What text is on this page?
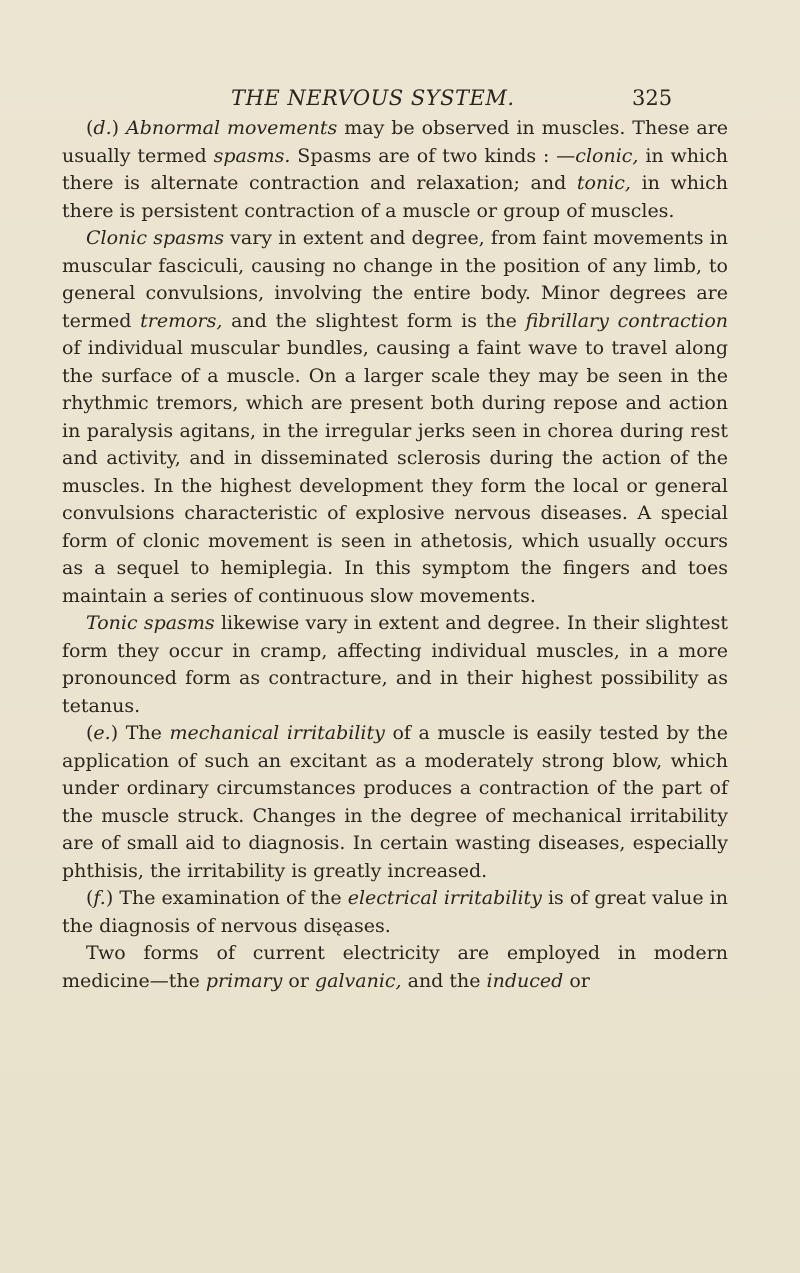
THE NERVOUS SYSTEM.	325

(d.) Abnormal movements may be observed in muscles. These are usually termed spasms. Spasms are of two kinds : —clonic, in which there is alternate contraction and relaxation; and tonic, in which there is persistent contraction of a muscle or group of muscles.

Clonic spasms vary in extent and degree, from faint movements in muscular fasciculi, causing no change in the position of any limb, to general convulsions, involving the entire body. Minor degrees are termed tremors, and the slightest form is the fibrillary contraction of individual muscular bundles, causing a faint wave to travel along the surface of a muscle. On a larger scale they may be seen in the rhythmic tremors, which are present both during repose and action in paralysis agitans, in the irregular jerks seen in chorea during rest and activity, and in disseminated sclerosis during the action of the muscles. In the highest development they form the local or general convulsions characteristic of explosive nervous diseases. A special form of clonic movement is seen in athetosis, which usually occurs as a sequel to hemiplegia. In this symptom the fingers and toes maintain a series of continuous slow movements.

Tonic spasms likewise vary in extent and degree. In their slightest form they occur in cramp, affecting individual muscles, in a more pronounced form as contracture, and in their highest possibility as tetanus.

(e.) The mechanical irritability of a muscle is easily tested by the application of such an excitant as a moderately strong blow, which under ordinary circumstances produces a contraction of the part of the muscle struck. Changes in the degree of mechanical irritability are of small aid to diagnosis. In certain wasting diseases, especially phthisis, the irritability is greatly increased.

(f.) The examination of the electrical irritability is of great value in the diagnosis of nervous disęases.

Two forms of current electricity are employed in modern medicine—the primary or galvanic, and the induced or
